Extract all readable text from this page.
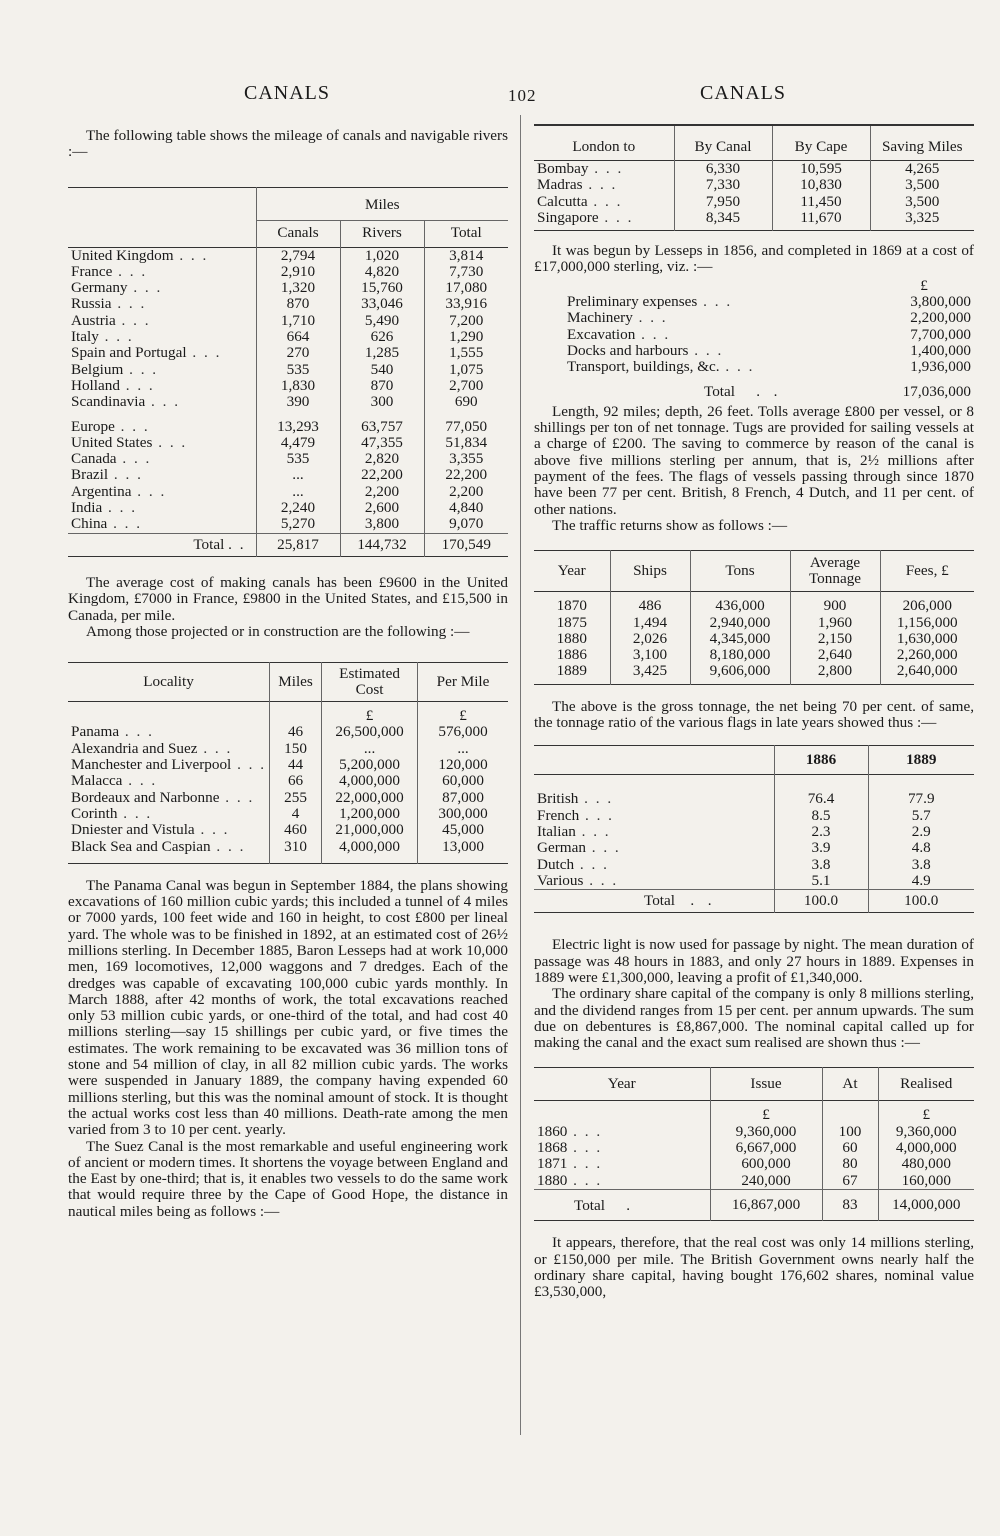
CANALS	102	CANALS

The following table shows the mileage of canals and navigable rivers :—

	Miles		
	Canals	Rivers	Total
United Kingdom . . .	2,794	1,020	3,814
France . . .	2,910	4,820	7,730
Germany . . .	1,320	15,760	17,080
Russia . . .	870	33,046	33,916
Austria . . .	1,710	5,490	7,200
Italy . . .	664	626	1,290
Spain and Portugal . . .	270	1,285	1,555
Belgium . . .	535	540	1,075
Holland . . .	1,830	870	2,700
Scandinavia . . .	390	300	690

Europe . . .	13,293	63,757	77,050
United States . . .	4,479	47,355	51,834
Canada . . .	535	2,820	3,355
Brazil . . .	...	22,200	22,200
Argentina . . .	...	2,200	2,200
India . . .	2,240	2,600	4,840
China . . .	5,270	3,800	9,070
Total . .	25,817	144,732	170,549

The average cost of making canals has been £9600 in the United Kingdom, £7000 in France, £9800 in the United States, and £15,500 in Canada, per mile.

Among those projected or in construction are the following :—

Locality	Miles	Estimated Cost	Per Mile
		£	£
Panama . . .	46	26,500,000	576,000
Alexandria and Suez . . .	150	...	...
Manchester and Liverpool . . .	44	5,200,000	120,000
Malacca . . .	66	4,000,000	60,000
Bordeaux and Narbonne . . .	255	22,000,000	87,000
Corinth . . .	4	1,200,000	300,000
Dniester and Vistula . . .	460	21,000,000	45,000
Black Sea and Caspian . . .	310	4,000,000	13,000

The Panama Canal was begun in September 1884, the plans showing excavations of 160 million cubic yards; this included a tunnel of 4 miles or 7000 yards, 100 feet wide and 160 in height, to cost £800 per lineal yard. The whole was to be finished in 1892, at an estimated cost of 26½ millions sterling. In December 1885, Baron Lesseps had at work 10,000 men, 169 locomotives, 12,000 waggons and 7 dredges. Each of the dredges was capable of excavating 100,000 cubic yards monthly. In March 1888, after 42 months of work, the total excavations reached only 53 million cubic yards, or one-third of the total, and had cost 40 millions sterling—say 15 shillings per cubic yard, or five times the estimates. The work remaining to be excavated was 36 million tons of stone and 54 million of clay, in all 82 million cubic yards. The works were suspended in January 1889, the company having expended 60 millions sterling, but this was the nominal amount of stock. It is thought the actual works cost less than 40 millions. Death-rate among the men varied from 3 to 10 per cent. yearly.

The Suez Canal is the most remarkable and useful engineering work of ancient or modern times. It shortens the voyage between England and the East by one-third; that is, it enables two vessels to do the same work that would require three by the Cape of Good Hope, the distance in nautical miles being as follows :—

London to	By Canal	By Cape	Saving Miles
Bombay . . .	6,330	10,595	4,265
Madras . . .	7,330	10,830	3,500
Calcutta . . .	7,950	11,450	3,500
Singapore . . .	8,345	11,670	3,325

It was begun by Lesseps in 1856, and completed in 1869 at a cost of £17,000,000 sterling, viz. :—

	£
Preliminary expenses . . .	3,800,000
Machinery . . .	2,200,000
Excavation . . .	7,700,000
Docks and harbours . . .	1,400,000
Transport, buildings, &c. . . .	1,936,000
Total    .  .	17,036,000

Length, 92 miles; depth, 26 feet. Tolls average £800 per vessel, or 8 shillings per ton of net tonnage. Tugs are provided for sailing vessels at a charge of £200. The saving to commerce by reason of the canal is above five millions sterling per annum, that is, 2½ millions after payment of the fees. The flags of vessels passing through since 1870 have been 77 per cent. British, 8 French, 4 Dutch, and 11 per cent. of other nations.

The traffic returns show as follows :—

Year	Ships	Tons	Average Tonnage	Fees, £

1870	486	436,000	900	206,000
1875	1,494	2,940,000	1,960	1,156,000
1880	2,026	4,345,000	2,150	1,630,000
1886	3,100	8,180,000	2,640	2,260,000
1889	3,425	9,606,000	2,800	2,640,000

The above is the gross tonnage, the net being 70 per cent. of same, the tonnage ratio of the various flags in late years showed thus :—

	1886	1889

British . . .	76.4	77.9
French . . .	8.5	5.7
Italian . . .	2.3	2.9
German . . .	3.9	4.8
Dutch . . .	3.8	3.8
Various . . .	5.1	4.9
Total   .  .	100.0	100.0

Electric light is now used for passage by night. The mean duration of passage was 48 hours in 1883, and only 27 hours in 1889. Expenses in 1889 were £1,300,000, leaving a profit of £1,340,000.

The ordinary share capital of the company is only 8 millions sterling, and the dividend ranges from 15 per cent. per annum upwards. The sum due on debentures is £8,867,000. The nominal capital called up for making the canal and the exact sum realised are shown thus :—

Year	Issue	At	Realised
	£		£
1860 . . .	9,360,000	100	9,360,000
1868 . . .	6,667,000	60	4,000,000
1871 . . .	600,000	80	480,000
1880 . . .	240,000	67	160,000
Total    .	16,867,000	83	14,000,000

It appears, therefore, that the real cost was only 14 millions sterling, or £150,000 per mile. The British Government owns nearly half the ordinary share capital, having bought 176,602 shares, nominal value £3,530,000,
